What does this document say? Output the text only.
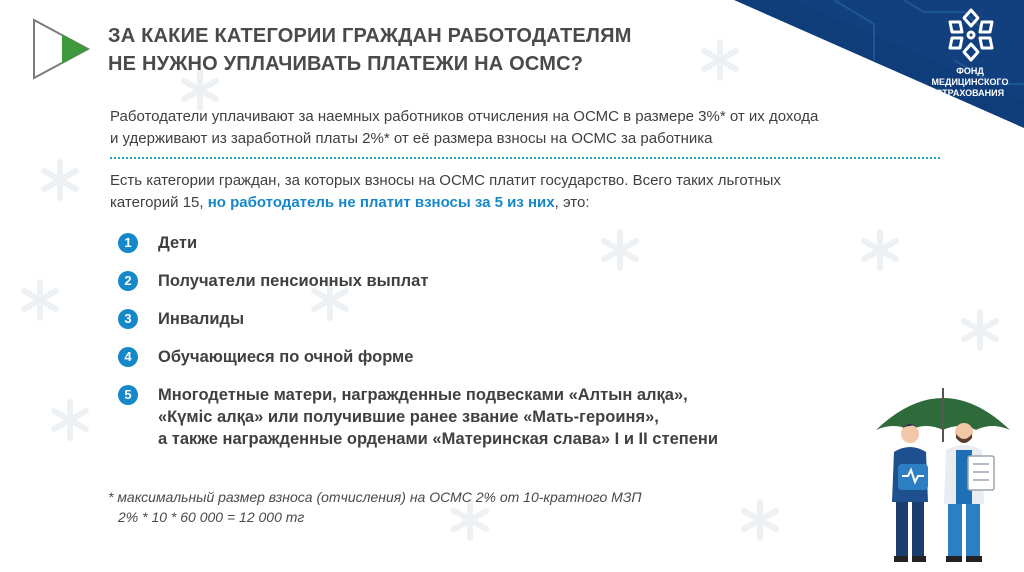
ЗА КАКИЕ КАТЕГОРИИ ГРАЖДАН РАБОТОДАТЕЛЯМ
НЕ НУЖНО УПЛАЧИВАТЬ ПЛАТЕЖИ НА ОСМС?	ФОНД
МЕДИЦИНСКОГО
СТРАХОВАНИЯ
Работодатели уплачивают за наемных работников отчисления на ОСМС в размере 3%* от их дохода
и удерживают из заработной платы 2%* от её размера взносы на ОСМС за работника
Есть категории граждан, за которых взносы на ОСМС платит государство. Всего таких льготных
категорий 15, но работодатель не платит взносы за 5 из них, это:
1	Дети
2	Получатели пенсионных выплат
3	Инвалиды
4	Обучающиеся по очной форме
5	Многодетные матери, награжденные подвесками «Алтын алқа»,
«Күміс алқа» или получившие ранее звание «Мать-героиня»,
а также награжденные орденами «Материнская слава» I и II степени
* максимальный размер взноса (отчисления) на ОСМС 2% от 10-кратного МЗП
2% * 10 * 60 000 = 12 000 тг
